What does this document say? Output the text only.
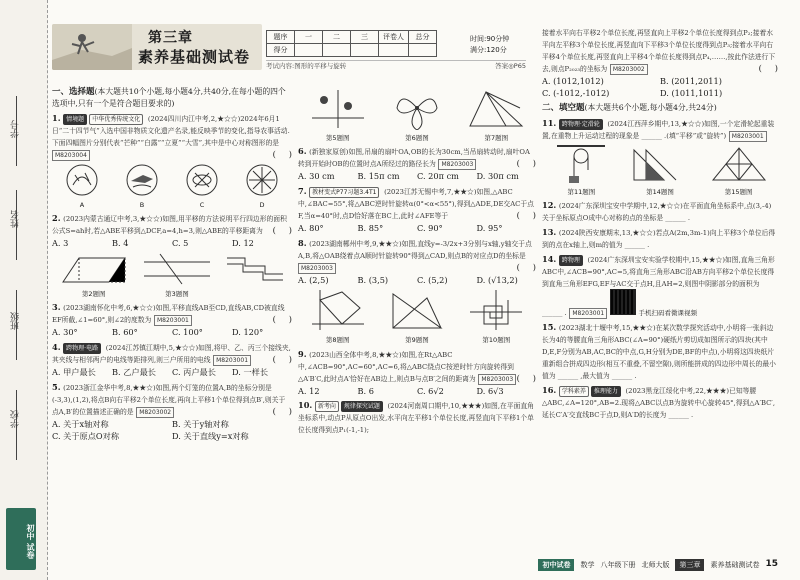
学号
姓名
班级
学校
初中 试卷
第三章
素养基础测试卷
题序	一	二	三	评卷人	总分
得分					
时间:90分钟
满分:120分
考试内容:图形的平移与旋转	答案◎P65
一、选择题(本大题共10个小题,每小题4分,共40分,在每小题的四个选项中,只有一个是符合题目要求的)
1. 情境题 中华优秀传统文化 (2024四川内江中考,2,★☆☆)2024年6月1日“二十四节气”入选中国非物质文化遗产名录,能反映季节的变化,指导农事活动.下面四幅图片分别代表“芒种”“白露”“立夏”“大雪”,其中是中心对称图形的是 M8203004	(     )
A	B	C	D
2. (2023内蒙古通辽中考,3,★☆☆)如图,用平移的方法说明平行四边形的面积公式S=ah时,若△ABE平移到△DCF,a=4,h=3,则△ABE的平移距离为 (     )
A. 3	B. 4	C. 5	D. 12
第2题图	第3题图
3. (2023湖南怀化中考,6,★☆☆)如图,平移直线AB至CD,直线AB,CD被直线EF所截,∠1=60°,则∠2的度数为 M8203001	(     )
A. 30°	B. 60°	C. 100°	D. 120°
4. 跨物理·电路 (2024江苏镇江期中,5,★☆☆)如图,将甲、乙、丙三个接线夹,其夹线与相邻两户的电线等距排列,则三户所用的电线 M8203001	(     )
A. 甲户最长	B. 乙户最长	C. 丙户最长	D. 一样长
5. (2023浙江金华中考,8,★★☆)如图,两个灯笼的位置A,B的坐标分别是(-3,3),(1,2),将点B向右平移2个单位长度,再向上平移1个单位得到点B′,则关于点A,B′的位置描述正确的是 M8203002	(     )
A. 关于x轴对称	B. 关于y轴对称
C. 关于原点O对称	D. 关于直线y=x对称
第5题图	第6题图	第7题图
6. (新独家原创)如图,吊扇的扇叶OA,OB的长为30cm,当吊扇转动时,扇叶OA转到开始时OB的位置时点A所经过的路径长为 M8203003	(     )
A. 30 cm	B. 15π cm	C. 20π cm	D. 30π cm
7. 教材变式P77习题3.4T1 (2023江苏无锡中考,7,★★☆)如图,△ABC中,∠BAC=55°,将△ABC逆时针旋转α(0°<α<55°),得到△ADE,DE交AC于点F,当α=40°时,点D恰好落在BC上,此时∠AFE等于	(     )
A. 80°	B. 85°	C. 90°	D. 95°
8. (2023湖南郴州中考,9,★★☆)如图,直线y=-3/2x+3分别与x轴,y轴交于点A,B,将△OAB绕着点A顺时针旋转90°得到△CAD,则点B的对应点D的坐标是 M8203003	(     )
A. (2,5)	B. (3,5)	C. (5,2)	D. (√13,2)
第8题图	第9题图	第10题图
9. (2023山西全体中考,8,★★☆)如图,在Rt△ABC中,∠ACB=90°,AC=60°,AC=6,将△ABC绕点C按逆时针方向旋转得到△A′B′C,此时点A′恰好在AB边上,则点B与点B′之间的距离为 M8203003 (     )
A. 12	B. 6	C. 6√2	D. 6√3
10. 新考向 规律探究试题 (2024河南周口期中,10,★★★)如图,在平面直角坐标系中,动点P从原点O出发,水平向左平移1个单位长度,再竖直向下平移1个单位长度得到点P₁(-1,-1);
接着水平向右平移2个单位长度,再竖直向上平移2个单位长度得到点P₂;接着水平向左平移3个单位长度,再竖直向下平移3个单位长度得到点P₃;接着水平向右平移4个单位长度,再竖直向上平移4个单位长度得到点P₄,……,按此作法进行下去,则点P₂₀₂₃的坐标为 M8203002	(     )
A. (1012,1012)	B. (2011,2011)
C. (-1012,-1012)	D. (1011,1011)
二、填空题(本大题共6个小题,每小题4分,共24分)
11. 跨物理·定滑轮 (2024江西萍乡期中,13,★☆☆)如图,一个定滑轮起重装置,在重物上升运动过程的现象是 ______ .(填“平移”或“旋转”) M8203001
第11题图	第14题图	第15题图
12. (2024广东深圳宝安中学期中,12,★☆☆)在平面直角坐标系中,点(3,-4)关于坐标原点O成中心对称的点的坐标是 ______ .
13. (2024陕西安康期末,13,★☆☆)若点A(2m,3m-1)向上平移3个单位后得到的点在x轴上,则m的值为 ______ .
14. 跨物理 (2024广东深圳宝安实验学校期中,15,★★☆)如图,直角三角形ABC中,∠ACB=90°,AC=5,将直角三角形ABC沿AB方向平移2个单位长度得到直角三角形EFG,EF与AC交于点H,且AH=2,则图中阴影部分的面积为 ______ . M8203001	手机扫码看微课视频
15. (2023湖北十堰中考,15,★★☆)在某次数学探究活动中,小明将一张斜边长为4的等腰直角三角形ABC(∠A=90°)硬纸片剪切成如图所示的四块(其中D,E,F分别为AB,AC,BC的中点,G,H分别为DE,BF的中点),小明将这四块纸片重新组合拼成四边形(相互不重叠,不留空隙),则所能拼成的四边形中周长的最小值为 ______ ,最大值为 ______ .
16. 学科素养 推理能力 (2023黑龙江绥化中考,22,★★★)已知等腰△ABC,∠A=120°,AB=2.现将△ABC以点B为旋转中心旋转45°,得到△A′BC′,延长C′A′交直线BC于点D,则A′D的长度为 ______ .
初中试卷	数学 八年级下册 北师大版	第三章	素养基础测试卷 15
